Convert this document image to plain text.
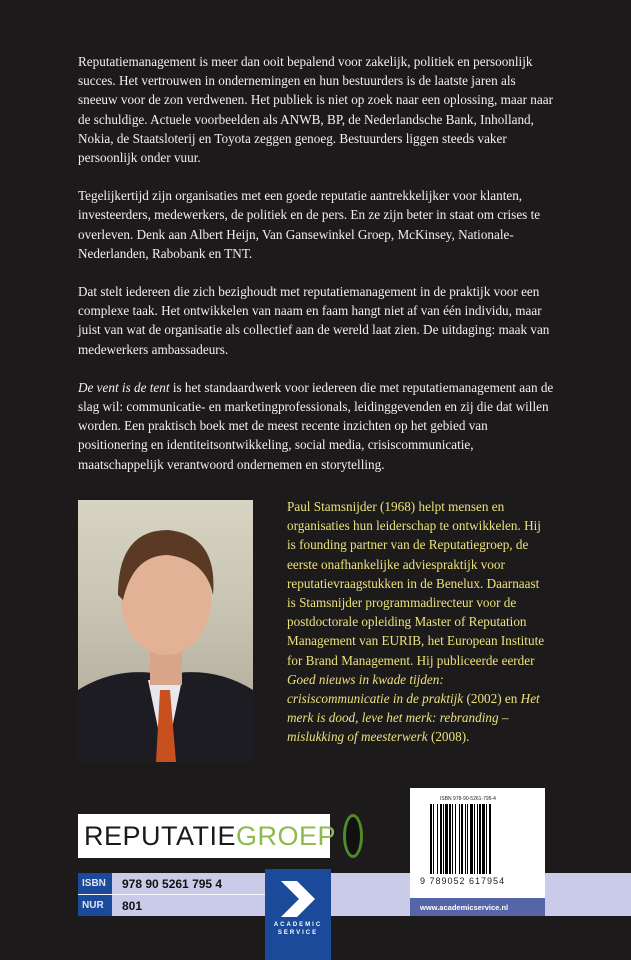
Reputatiemanagement is meer dan ooit bepalend voor zakelijk, politiek en persoonlijk succes. Het vertrouwen in ondernemingen en hun bestuurders is de laatste jaren als sneeuw voor de zon verdwenen. Het publiek is niet op zoek naar een oplossing, maar naar de schuldige. Actuele voorbeelden als ANWB, BP, de Nederlandsche Bank, Inholland, Nokia, de Staatsloterij en Toyota zeggen genoeg. Bestuurders liggen steeds vaker persoonlijk onder vuur.

Tegelijkertijd zijn organisaties met een goede reputatie aantrekkelijker voor klanten, investeerders, medewerkers, de politiek en de pers. En ze zijn beter in staat om crises te overleven. Denk aan Albert Heijn, Van Gansewinkel Groep, McKinsey, Nationale-Nederlanden, Rabobank en TNT.

Dat stelt iedereen die zich bezighoudt met reputatiemanagement in de praktijk voor een complexe taak. Het ontwikkelen van naam en faam hangt niet af van één individu, maar juist van wat de organisatie als collectief aan de wereld laat zien. De uitdaging: maak van medewerkers ambassadeurs.

De vent is de tent is het standaardwerk voor iedereen die met reputatiemanagement aan de slag wil: communicatie- en marketingprofessionals, leidinggevenden en zij die dat willen worden. Een praktisch boek met de meest recente inzichten op het gebied van positionering en identiteitsontwikkeling, social media, crisiscommunicatie, maatschappelijk verantwoord ondernemen en storytelling.

Paul Stamsnijder (1968) helpt mensen en organisaties hun leiderschap te ontwikkelen. Hij is founding partner van de Reputatiegroep, de eerste onafhankelijke adviespraktijk voor reputatievraagstukken in de Benelux. Daarnaast is Stamsnijder programmadirecteur voor de postdoctorale opleiding Master of Reputation Management van EURIB, het European Institute for Brand Management. Hij publiceerde eerder Goed nieuws in kwade tijden: crisiscommunicatie in de praktijk (2002) en Het merk is dood, leve het merk: rebranding – mislukking of meesterwerk (2008).
REPUTATIE GROEP
ISBN	978 90 5261 795 4
NUR	801
ACADEMIC
SERVICE
ISBN 978-90-5261-795-4
9 789052 617954
www.academicservice.nl
